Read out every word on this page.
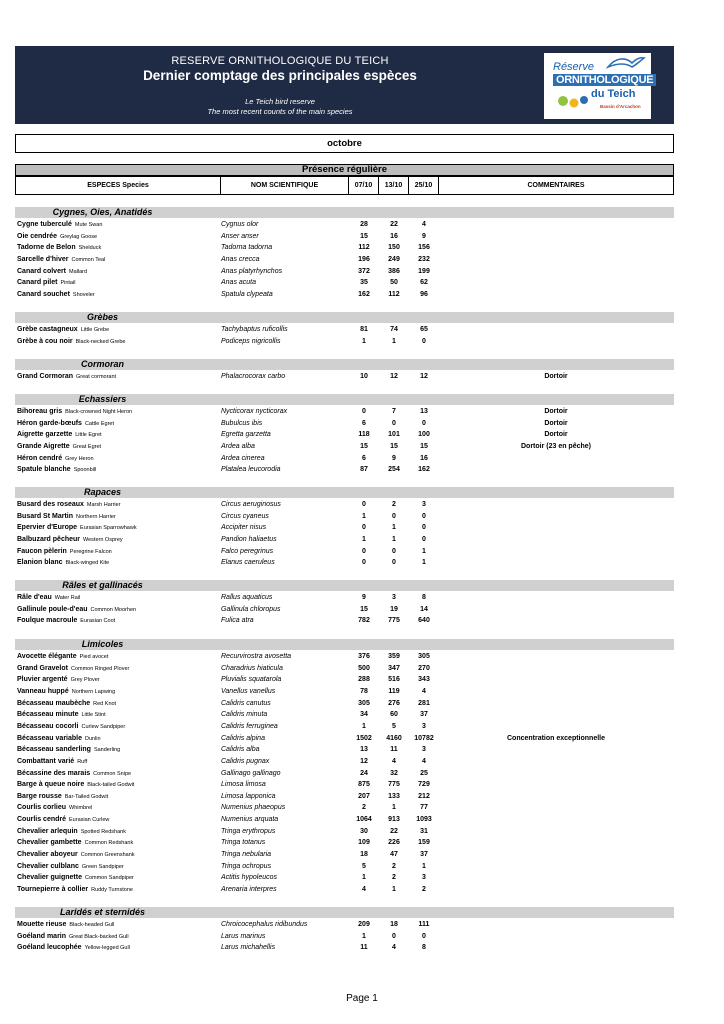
RESERVE ORNITHOLOGIQUE DU TEICH
Dernier comptage des principales espèces
Le Teich bird reserve
The most recent counts of the main species
Réserve
ORNITHOLOGIQUE
du Teich
Bassin d'Arcachon
octobre
Présence régulière
ESPECES Species	NOM SCIENTIFIQUE	07/10	13/10	25/10	COMMENTAIRES
Cygnes, Oies, Anatidés
Cygne tuberculé Mute Swan	Cygnus olor	28	22	4
Oie cendrée Greylag Goose	Anser anser	15	16	9
Tadorne de Belon Shelduck	Tadorna tadorna	112	150	156
Sarcelle d'hiver Common Teal	Anas crecca	196	249	232
Canard colvert Mallard	Anas platyrhynchos	372	386	199
Canard pilet Pintail	Anas acuta	35	50	62
Canard souchet Shoveler	Spatula clypeata	162	112	96
Grèbes
Grèbe castagneux Little Grebe	Tachybaptus ruficollis	81	74	65
Grèbe à cou noir Black-necked Grebe	Podiceps nigricollis	1	1	0
Cormoran
Grand Cormoran Great cormorant	Phalacrocorax carbo	10	12	12	Dortoir
Echassiers
Bihoreau gris Black-crowned Night Heron	Nycticorax nycticorax	0	7	13	Dortoir
Héron garde-bœufs Cattle Egret	Bubulcus ibis	6	0	0	Dortoir
Aigrette garzette Little Egret	Egretta garzetta	118	101	100	Dortoir
Grande Aigrette Great Egret	Ardea alba	15	15	15	Dortoir (23 en pêche)
Héron cendré Grey Heron	Ardea cinerea	6	9	16
Spatule blanche Spoonbill	Platalea leucorodia	87	254	162
Rapaces
Busard des roseaux Marsh Harrier	Circus aeruginosus	0	2	3
Busard St Martin Northern Harrier	Circus cyaneus	1	0	0
Epervier d'Europe Eurasian Sparrowhawk	Accipiter nisus	0	1	0
Balbuzard pêcheur Western Osprey	Pandion haliaetus	1	1	0
Faucon pèlerin Peregrine Falcon	Falco peregrinus	0	0	1
Elanion blanc Black-winged Kite	Elanus caeruleus	0	0	1
Râles et gallinacés
Râle d'eau Water Rail	Rallus aquaticus	9	3	8
Gallinule poule-d'eau Common Moorhen	Gallinula chloropus	15	19	14
Foulque macroule Eurasian Coot	Fulica atra	782	775	640
Limicoles
Avocette élégante Pied avocet	Recurvirostra avosetta	376	359	305
Grand Gravelot Common Ringed Plover	Charadrius hiaticula	500	347	270
Pluvier argenté Grey Plover	Pluvialis squatarola	288	516	343
Vanneau huppé Northern Lapwing	Vanellus vanellus	78	119	4
Bécasseau maubèche Red Knot	Calidris canutus	305	276	281
Bécasseau minute Little Stint	Calidris minuta	34	60	37
Bécasseau cocorli Curlew Sandpiper	Calidris ferruginea	1	5	3
Bécasseau variable Dunlin	Calidris alpina	1502	4160	10782	Concentration exceptionnelle
Bécasseau sanderling Sanderling	Calidris alba	13	11	3
Combattant varié Ruff	Calidris pugnax	12	4	4
Bécassine des marais Common Snipe	Gallinago gallinago	24	32	25
Barge à queue noire Black-tailed Godwit	Limosa limosa	875	775	729
Barge rousse Bar-Tailed Godwit	Limosa lapponica	207	133	212
Courlis corlieu Whimbrel	Numenius phaeopus	2	1	77
Courlis cendré Eurasian Curlew	Numenius arquata	1064	913	1093
Chevalier arlequin Spotted Redshank	Tringa erythropus	30	22	31
Chevalier gambette Common Redshank	Tringa totanus	109	226	159
Chevalier aboyeur Common Greenshank	Tringa nebularia	18	47	37
Chevalier culblanc Green Sandpiper	Tringa ochropus	5	2	1
Chevalier guignette Common Sandpiper	Actitis hypoleucos	1	2	3
Tournepierre à collier Ruddy Turnstone	Arenaria interpres	4	1	2
Laridés et sternidés
Mouette rieuse Black-headed Gull	Chroicocephalus ridibundus	209	18	111
Goéland marin Great Black-backed Gull	Larus marinus	1	0	0
Goéland leucophée Yellow-legged Gull	Larus michahellis	11	4	8
Page 1
